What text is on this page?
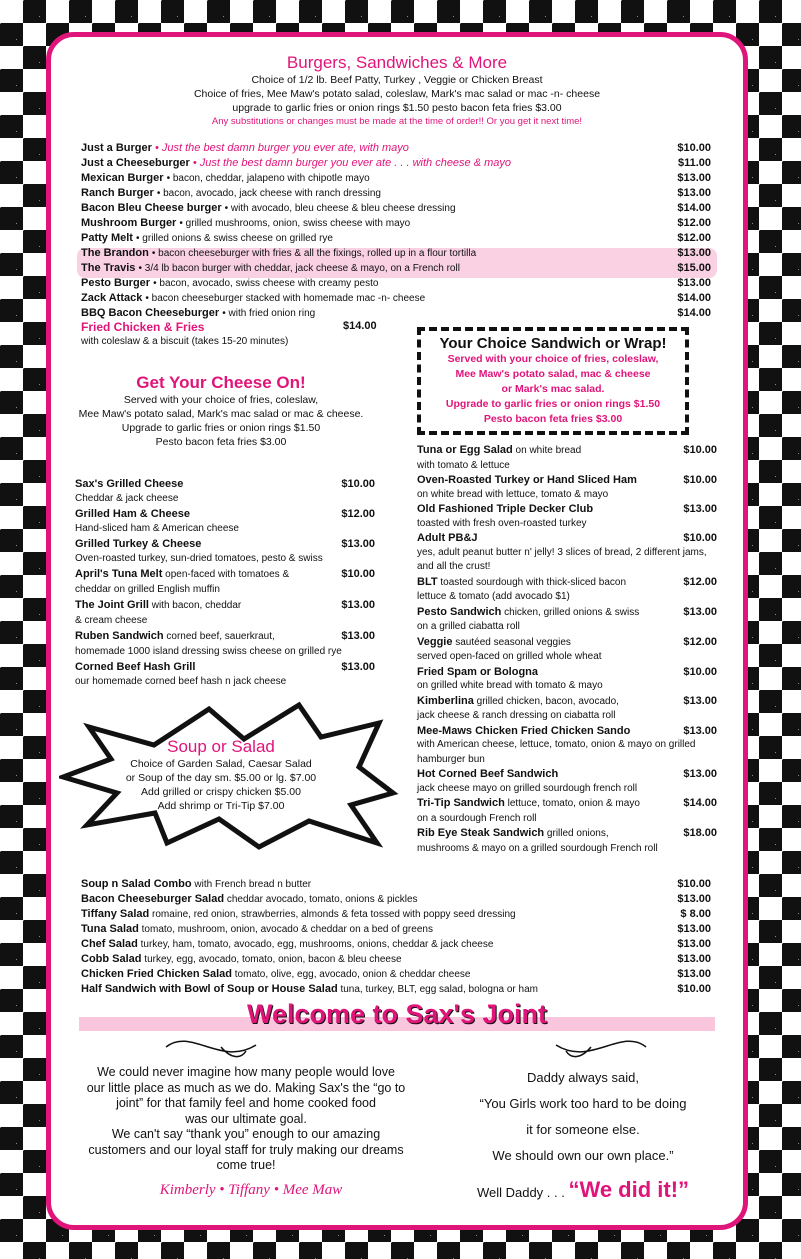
Burgers, Sandwiches & More
Choice of 1/2 lb. Beef Patty, Turkey , Veggie or Chicken Breast
Choice of fries, Mee Maw's potato salad, coleslaw, Mark's mac salad or mac -n- cheese
upgrade to garlic fries or onion rings $1.50 pesto bacon feta fries $3.00
Any substitutions or changes must be made at the time of order!! Or you get it next time!
Just a Burger • Just the best damn burger you ever ate, with mayo	$10.00
Just a Cheeseburger • Just the best damn burger you ever ate . . . with cheese & mayo	$11.00
Mexican Burger • bacon, cheddar, jalapeno with chipotle mayo	$13.00
Ranch Burger • bacon, avocado, jack cheese with ranch dressing	$13.00
Bacon Bleu Cheese burger • with avocado, bleu cheese & bleu cheese dressing	$14.00
Mushroom Burger • grilled mushrooms, onion, swiss cheese with mayo	$12.00
Patty Melt • grilled onions & swiss cheese on grilled rye	$12.00
The Brandon • bacon cheeseburger with fries & all the fixings, rolled up in a flour tortilla	$13.00
The Travis • 3/4 lb bacon burger with cheddar, jack cheese & mayo, on a French roll	$15.00
Pesto Burger • bacon, avocado, swiss cheese with creamy pesto	$13.00
Zack Attack • bacon cheeseburger stacked with homemade mac -n- cheese	$14.00
BBQ Bacon Cheeseburger • with fried onion ring	$14.00
Fried Chicken & Fries	$14.00
with coleslaw & a biscuit (takes 15-20 minutes)
Get Your Cheese On!
Served with your choice of fries, coleslaw,
Mee Maw's potato salad, Mark's mac salad or mac & cheese.
Upgrade to garlic fries or onion rings $1.50
Pesto bacon feta fries $3.00
Sax's Grilled Cheese	$10.00
Cheddar & jack cheese
Grilled Ham & Cheese	$12.00
Hand-sliced ham & American cheese
Grilled Turkey & Cheese	$13.00
Oven-roasted turkey, sun-dried tomatoes, pesto & swiss
April's Tuna Melt open-faced with tomatoes &	$10.00
cheddar on grilled English muffin
The Joint Grill with bacon, cheddar	$13.00
& cream cheese
Ruben Sandwich corned beef, sauerkraut,	$13.00
homemade 1000 island dressing swiss cheese on grilled rye
Corned Beef Hash Grill	$13.00
our homemade corned beef hash n jack cheese
Your Choice Sandwich or Wrap!
Served with your choice of fries, coleslaw,
Mee Maw's potato salad, mac & cheese
or Mark's mac salad.
Upgrade to garlic fries or onion rings $1.50
Pesto bacon feta fries $3.00
Tuna or Egg Salad on white bread	$10.00
with tomato & lettuce
Oven-Roasted Turkey or Hand Sliced Ham	$10.00
on white bread with lettuce, tomato & mayo
Old Fashioned Triple Decker Club	$13.00
toasted with fresh oven-roasted turkey
Adult PB&J	$10.00
yes, adult peanut butter n' jelly! 3 slices of bread, 2 different jams, and all the crust!
BLT toasted sourdough with thick-sliced bacon	$12.00
lettuce & tomato (add avocado $1)
Pesto Sandwich chicken, grilled onions & swiss	$13.00
on a grilled ciabatta roll
Veggie sautéed seasonal veggies	$12.00
served open-faced on grilled whole wheat
Fried Spam or Bologna	$10.00
on grilled white bread with tomato & mayo
Kimberlina grilled chicken, bacon, avocado,	$13.00
jack cheese & ranch dressing on ciabatta roll
Mee-Maws Chicken Fried Chicken Sando	$13.00
with American cheese, lettuce, tomato, onion & mayo on grilled hamburger bun
Hot Corned Beef Sandwich	$13.00
jack cheese mayo on grilled sourdough french roll
Tri-Tip Sandwich lettuce, tomato, onion & mayo	$14.00
on a sourdough French roll
Rib Eye Steak Sandwich grilled onions,	$18.00
mushrooms & mayo on a grilled sourdough French roll
Soup or Salad
Choice of Garden Salad, Caesar Salad
or Soup of the day sm. $5.00 or lg. $7.00
Add grilled or crispy chicken $5.00
Add shrimp or Tri-Tip $7.00
Soup n Salad Combo with French bread n butter	$10.00
Bacon Cheeseburger Salad cheddar avocado, tomato, onions & pickles	$13.00
Tiffany Salad romaine, red onion, strawberries, almonds & feta tossed with poppy seed dressing	$ 8.00
Tuna Salad tomato, mushroom, onion, avocado & cheddar on a bed of greens	$13.00
Chef Salad turkey, ham, tomato, avocado, egg, mushrooms, onions, cheddar & jack cheese	$13.00
Cobb Salad turkey, egg, avocado, tomato, onion, bacon & bleu cheese	$13.00
Chicken Fried Chicken Salad tomato, olive, egg, avocado, onion & cheddar cheese	$13.00
Half Sandwich with Bowl of Soup or House Salad tuna, turkey, BLT, egg salad, bologna or ham	$10.00
Welcome to Sax's Joint
We could never imagine how many people would love
our little place as much as we do. Making Sax's the “go to
joint” for that family feel and home cooked food
was our ultimate goal.
We can't say “thank you” enough to our amazing
customers and our loyal staff for truly making our dreams
come true!
Daddy always said,
“You Girls work too hard to be doing
it for someone else.
We should own our own place.”
Kimberly • Tiffany • Mee Maw	Well Daddy . . . “We did it!”
